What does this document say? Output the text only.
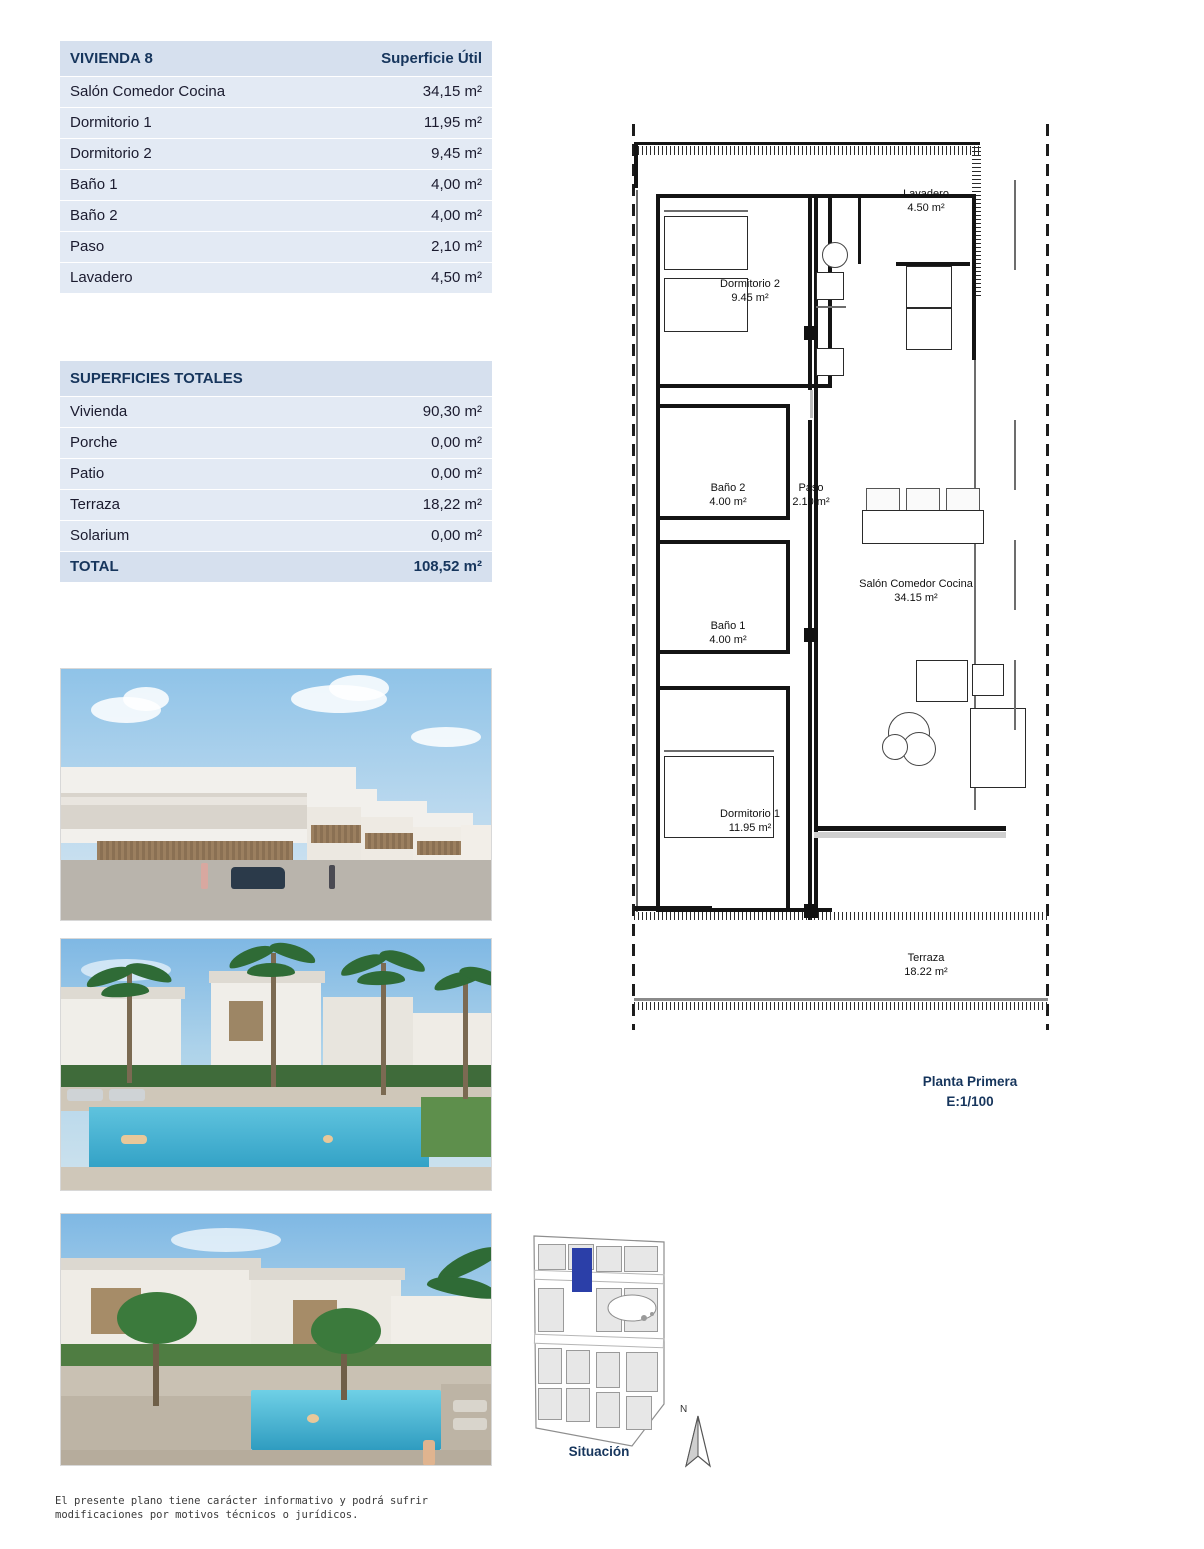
VIVIENDA 8	Superficie Útil
Salón Comedor Cocina	34,15 m²
Dormitorio 1	11,95 m²
Dormitorio 2	9,45 m²
Baño 1	4,00 m²
Baño 2	4,00 m²
Paso	2,10 m²
Lavadero	4,50 m²
SUPERFICIES TOTALES	
Vivienda	90,30 m²
Porche	0,00 m²
Patio	0,00 m²
Terraza	18,22 m²
Solarium	0,00 m²
TOTAL	108,52 m²
El presente plano tiene carácter informativo y podrá sufrir
modificaciones por motivos técnicos o jurídicos.
Lavadero
4.50 m²
Dormitorio 2
9.45 m²
Baño 2
4.00 m²
Paso
2.10 m²
Baño 1
4.00 m²
Salón Comedor Cocina
34.15 m²
Dormitorio 1
11.95 m²
Terraza
18.22 m²
Planta Primera
E:1/100
Situación
N
